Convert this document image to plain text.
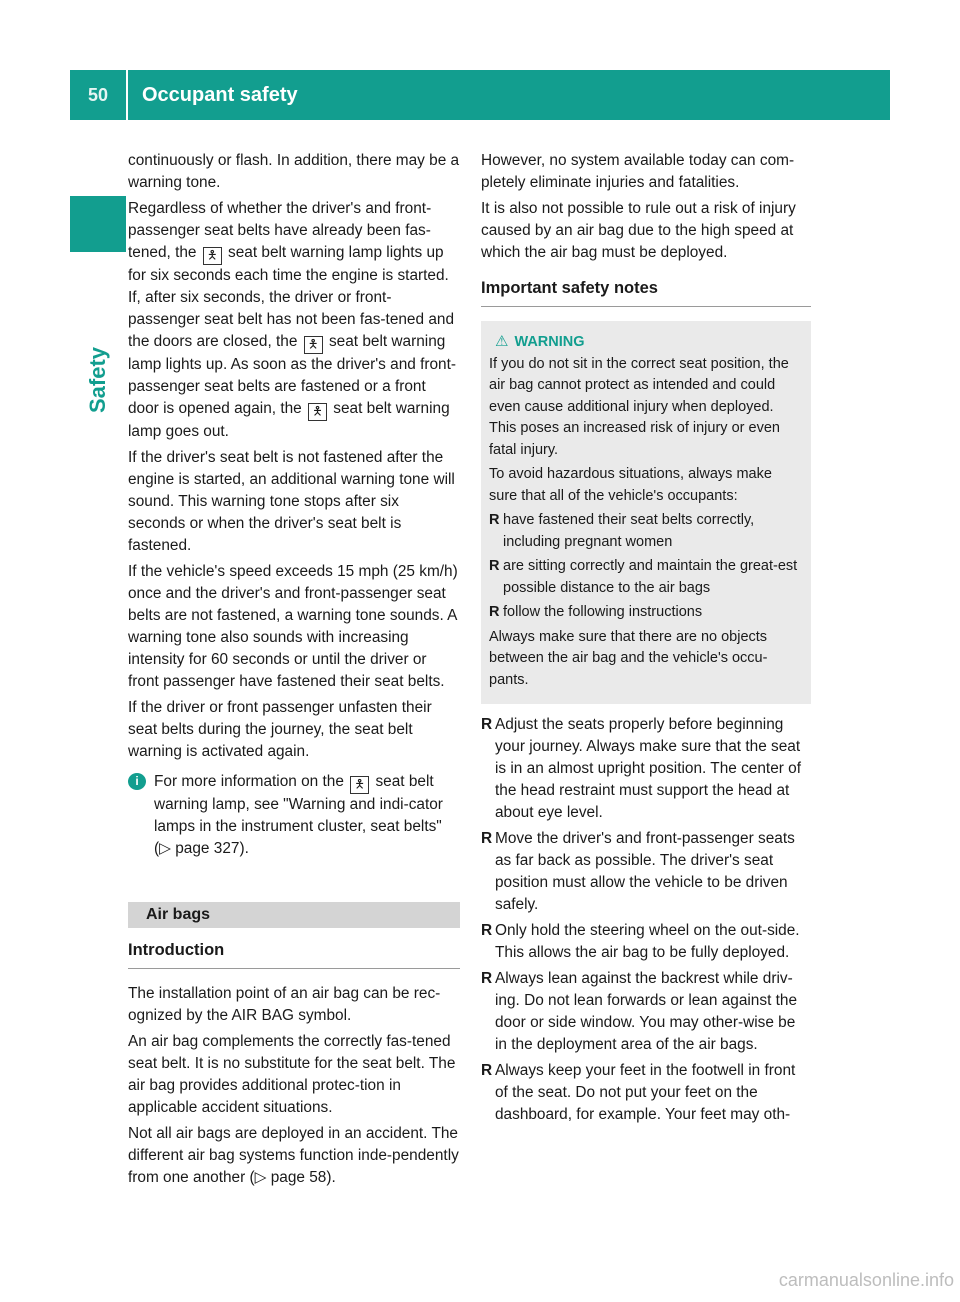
50	Occupant safety
Safety

continuously or flash. In addition, there may be a warning tone.

Regardless of whether the driver's and front-passenger seat belts have already been fas-tened, the 🯅 seat belt warning lamp lights up for six seconds each time the engine is started. If, after six seconds, the driver or front-passenger seat belt has not been fas-tened and the doors are closed, the 🯅 seat belt warning lamp lights up. As soon as the driver's and front-passenger seat belts are fastened or a front door is opened again, the 🯅 seat belt warning lamp goes out.

If the driver's seat belt is not fastened after the engine is started, an additional warning tone will sound. This warning tone stops after six seconds or when the driver's seat belt is fastened.

If the vehicle's speed exceeds 15 mph (25 km/h) once and the driver's and front-passenger seat belts are not fastened, a warning tone sounds. A warning tone also sounds with increasing intensity for 60 seconds or until the driver or front passenger have fastened their seat belts.

If the driver or front passenger unfasten their seat belts during the journey, the seat belt warning is activated again.

i For more information on the 🯅 seat belt warning lamp, see "Warning and indi-cator lamps in the instrument cluster, seat belts" (▷ page 327).
Air bags
Introduction

The installation point of an air bag can be rec-ognized by the AIR BAG symbol.

An air bag complements the correctly fas-tened seat belt. It is no substitute for the seat belt. The air bag provides additional protec-tion in applicable accident situations.

Not all air bags are deployed in an accident. The different air bag systems function inde-pendently from one another (▷ page 58).

However, no system available today can com-pletely eliminate injuries and fatalities.

It is also not possible to rule out a risk of injury caused by an air bag due to the high speed at which the air bag must be deployed.

Important safety notes
⚠ WARNING

If you do not sit in the correct seat position, the air bag cannot protect as intended and could even cause additional injury when deployed. This poses an increased risk of injury or even fatal injury.

To avoid hazardous situations, always make sure that all of the vehicle's occupants:

R have fastened their seat belts correctly, including pregnant women
R are sitting correctly and maintain the great-est possible distance to the air bags
R follow the following instructions

Always make sure that there are no objects between the air bag and the vehicle's occu-pants.

R Adjust the seats properly before beginning your journey. Always make sure that the seat is in an almost upright position. The center of the head restraint must support the head at about eye level.
R Move the driver's and front-passenger seats as far back as possible. The driver's seat position must allow the vehicle to be driven safely.
R Only hold the steering wheel on the out-side. This allows the air bag to be fully deployed.
R Always lean against the backrest while driv-ing. Do not lean forwards or lean against the door or side window. You may other-wise be in the deployment area of the air bags.
R Always keep your feet in the footwell in front of the seat. Do not put your feet on the dashboard, for example. Your feet may oth-
carmanualsonline.info
